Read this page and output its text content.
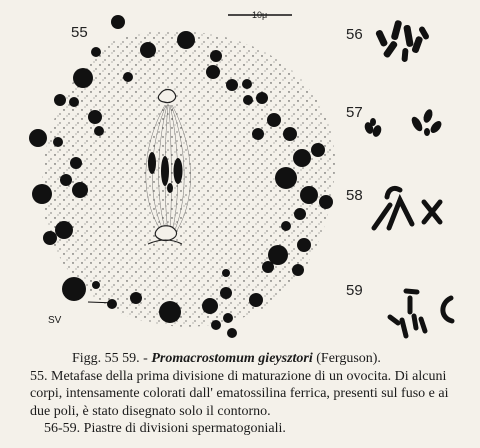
55	56
57
58
59
SV
10μ

Figg. 55 59. - Promacrostomum gieysztori (Ferguson).

55. Metafase della prima divisione di maturazione di un ovocita. Di alcuni corpi, intensamente colorati dall' ematossilina ferrica, presenti sul fuso e ai due poli, è stato disegnato solo il contorno.

56-59. Piastre di divisioni spermatogoniali.
